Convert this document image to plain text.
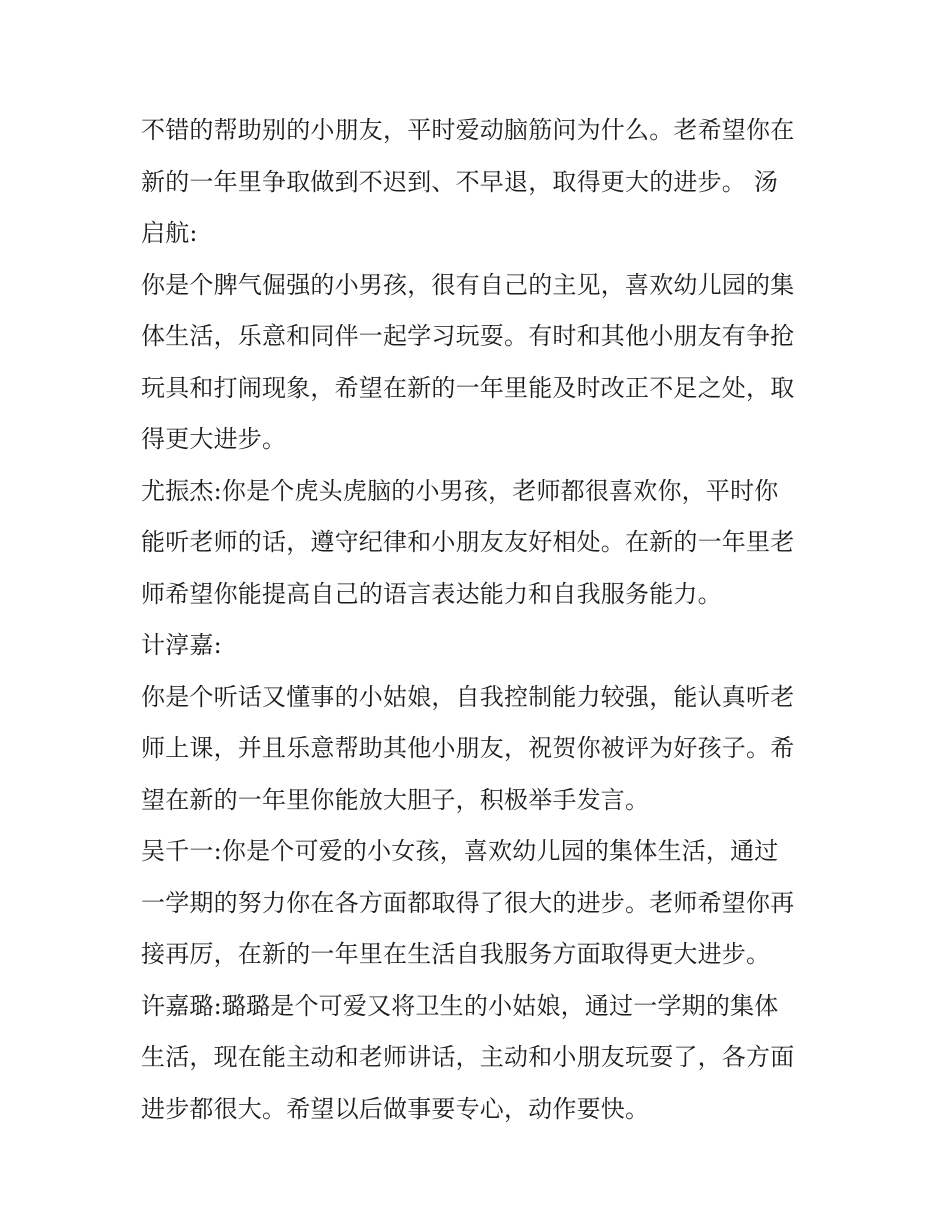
不错的帮助别的小朋友，平时爱动脑筋问为什么。老希望你在
新的一年里争取做到不迟到、不早退，取得更大的进步。 汤
启航:
你是个脾气倔强的小男孩，很有自己的主见，喜欢幼儿园的集
体生活，乐意和同伴一起学习玩耍。有时和其他小朋友有争抢
玩具和打闹现象，希望在新的一年里能及时改正不足之处，取
得更大进步。
尤振杰:你是个虎头虎脑的小男孩，老师都很喜欢你，平时你
能听老师的话，遵守纪律和小朋友友好相处。在新的一年里老
师希望你能提高自己的语言表达能力和自我服务能力。
计淳嘉:
你是个听话又懂事的小姑娘，自我控制能力较强，能认真听老
师上课，并且乐意帮助其他小朋友，祝贺你被评为好孩子。希
望在新的一年里你能放大胆子，积极举手发言。
吴千一:你是个可爱的小女孩，喜欢幼儿园的集体生活，通过
一学期的努力你在各方面都取得了很大的进步。老师希望你再
接再厉，在新的一年里在生活自我服务方面取得更大进步。
许嘉璐:璐璐是个可爱又将卫生的小姑娘，通过一学期的集体
生活，现在能主动和老师讲话，主动和小朋友玩耍了，各方面
进步都很大。希望以后做事要专心，动作要快。
